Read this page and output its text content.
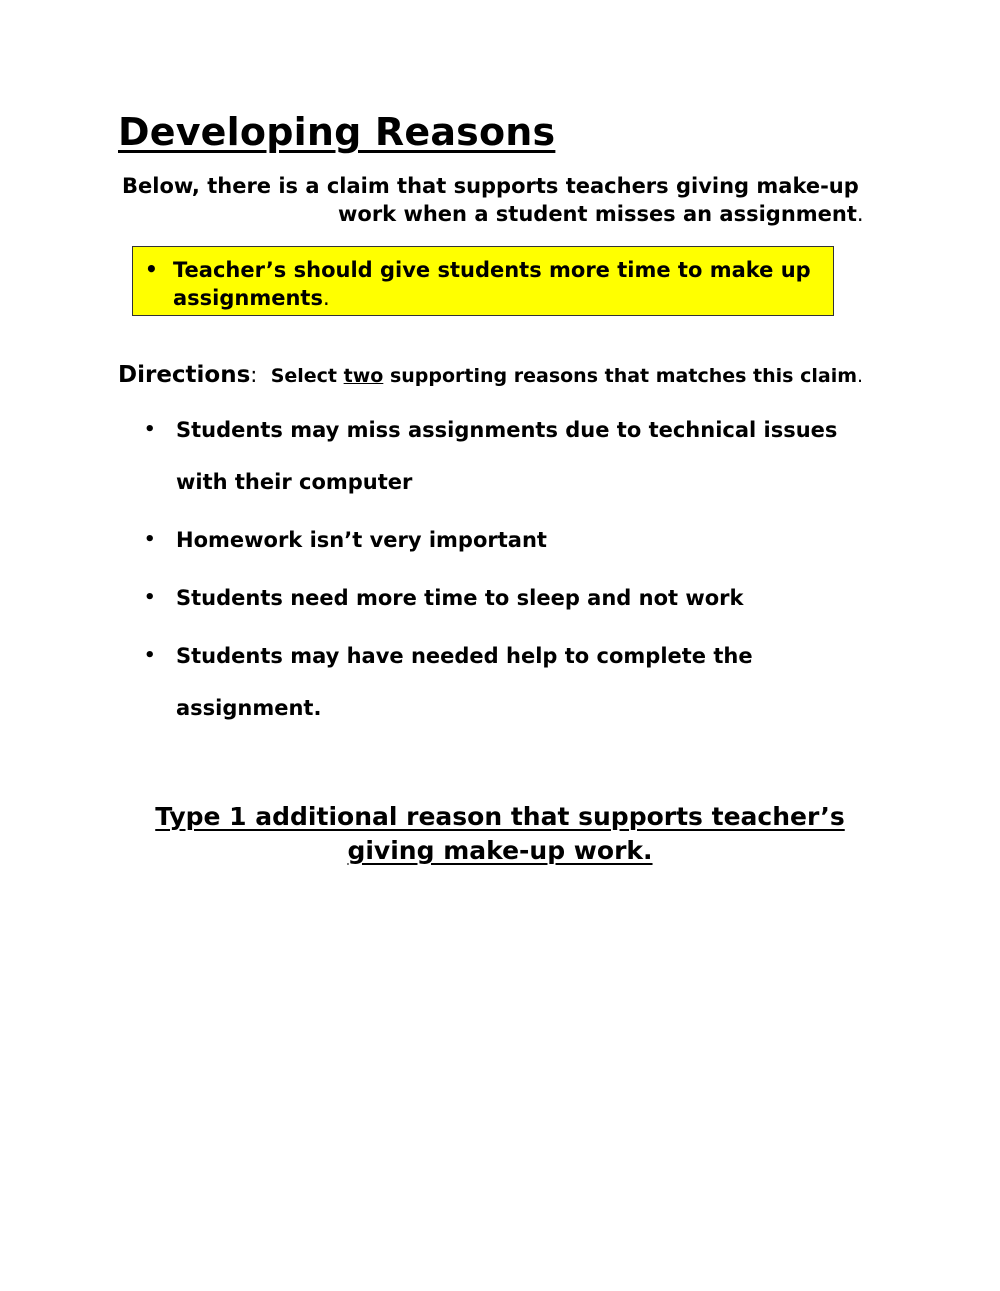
Developing Reasons

Below, there is a claim that supports teachers giving make-up
work when a student misses an assignment.

• Teacher’s should give students more time to make up assignments.

Directions: Select two supporting reasons that matches this claim.

• Students may miss assignments due to technical issues with their computer
• Homework isn’t very important
• Students need more time to sleep and not work
• Students may have needed help to complete the assignment.

Type 1 additional reason that supports teacher’s
giving make-up work.
